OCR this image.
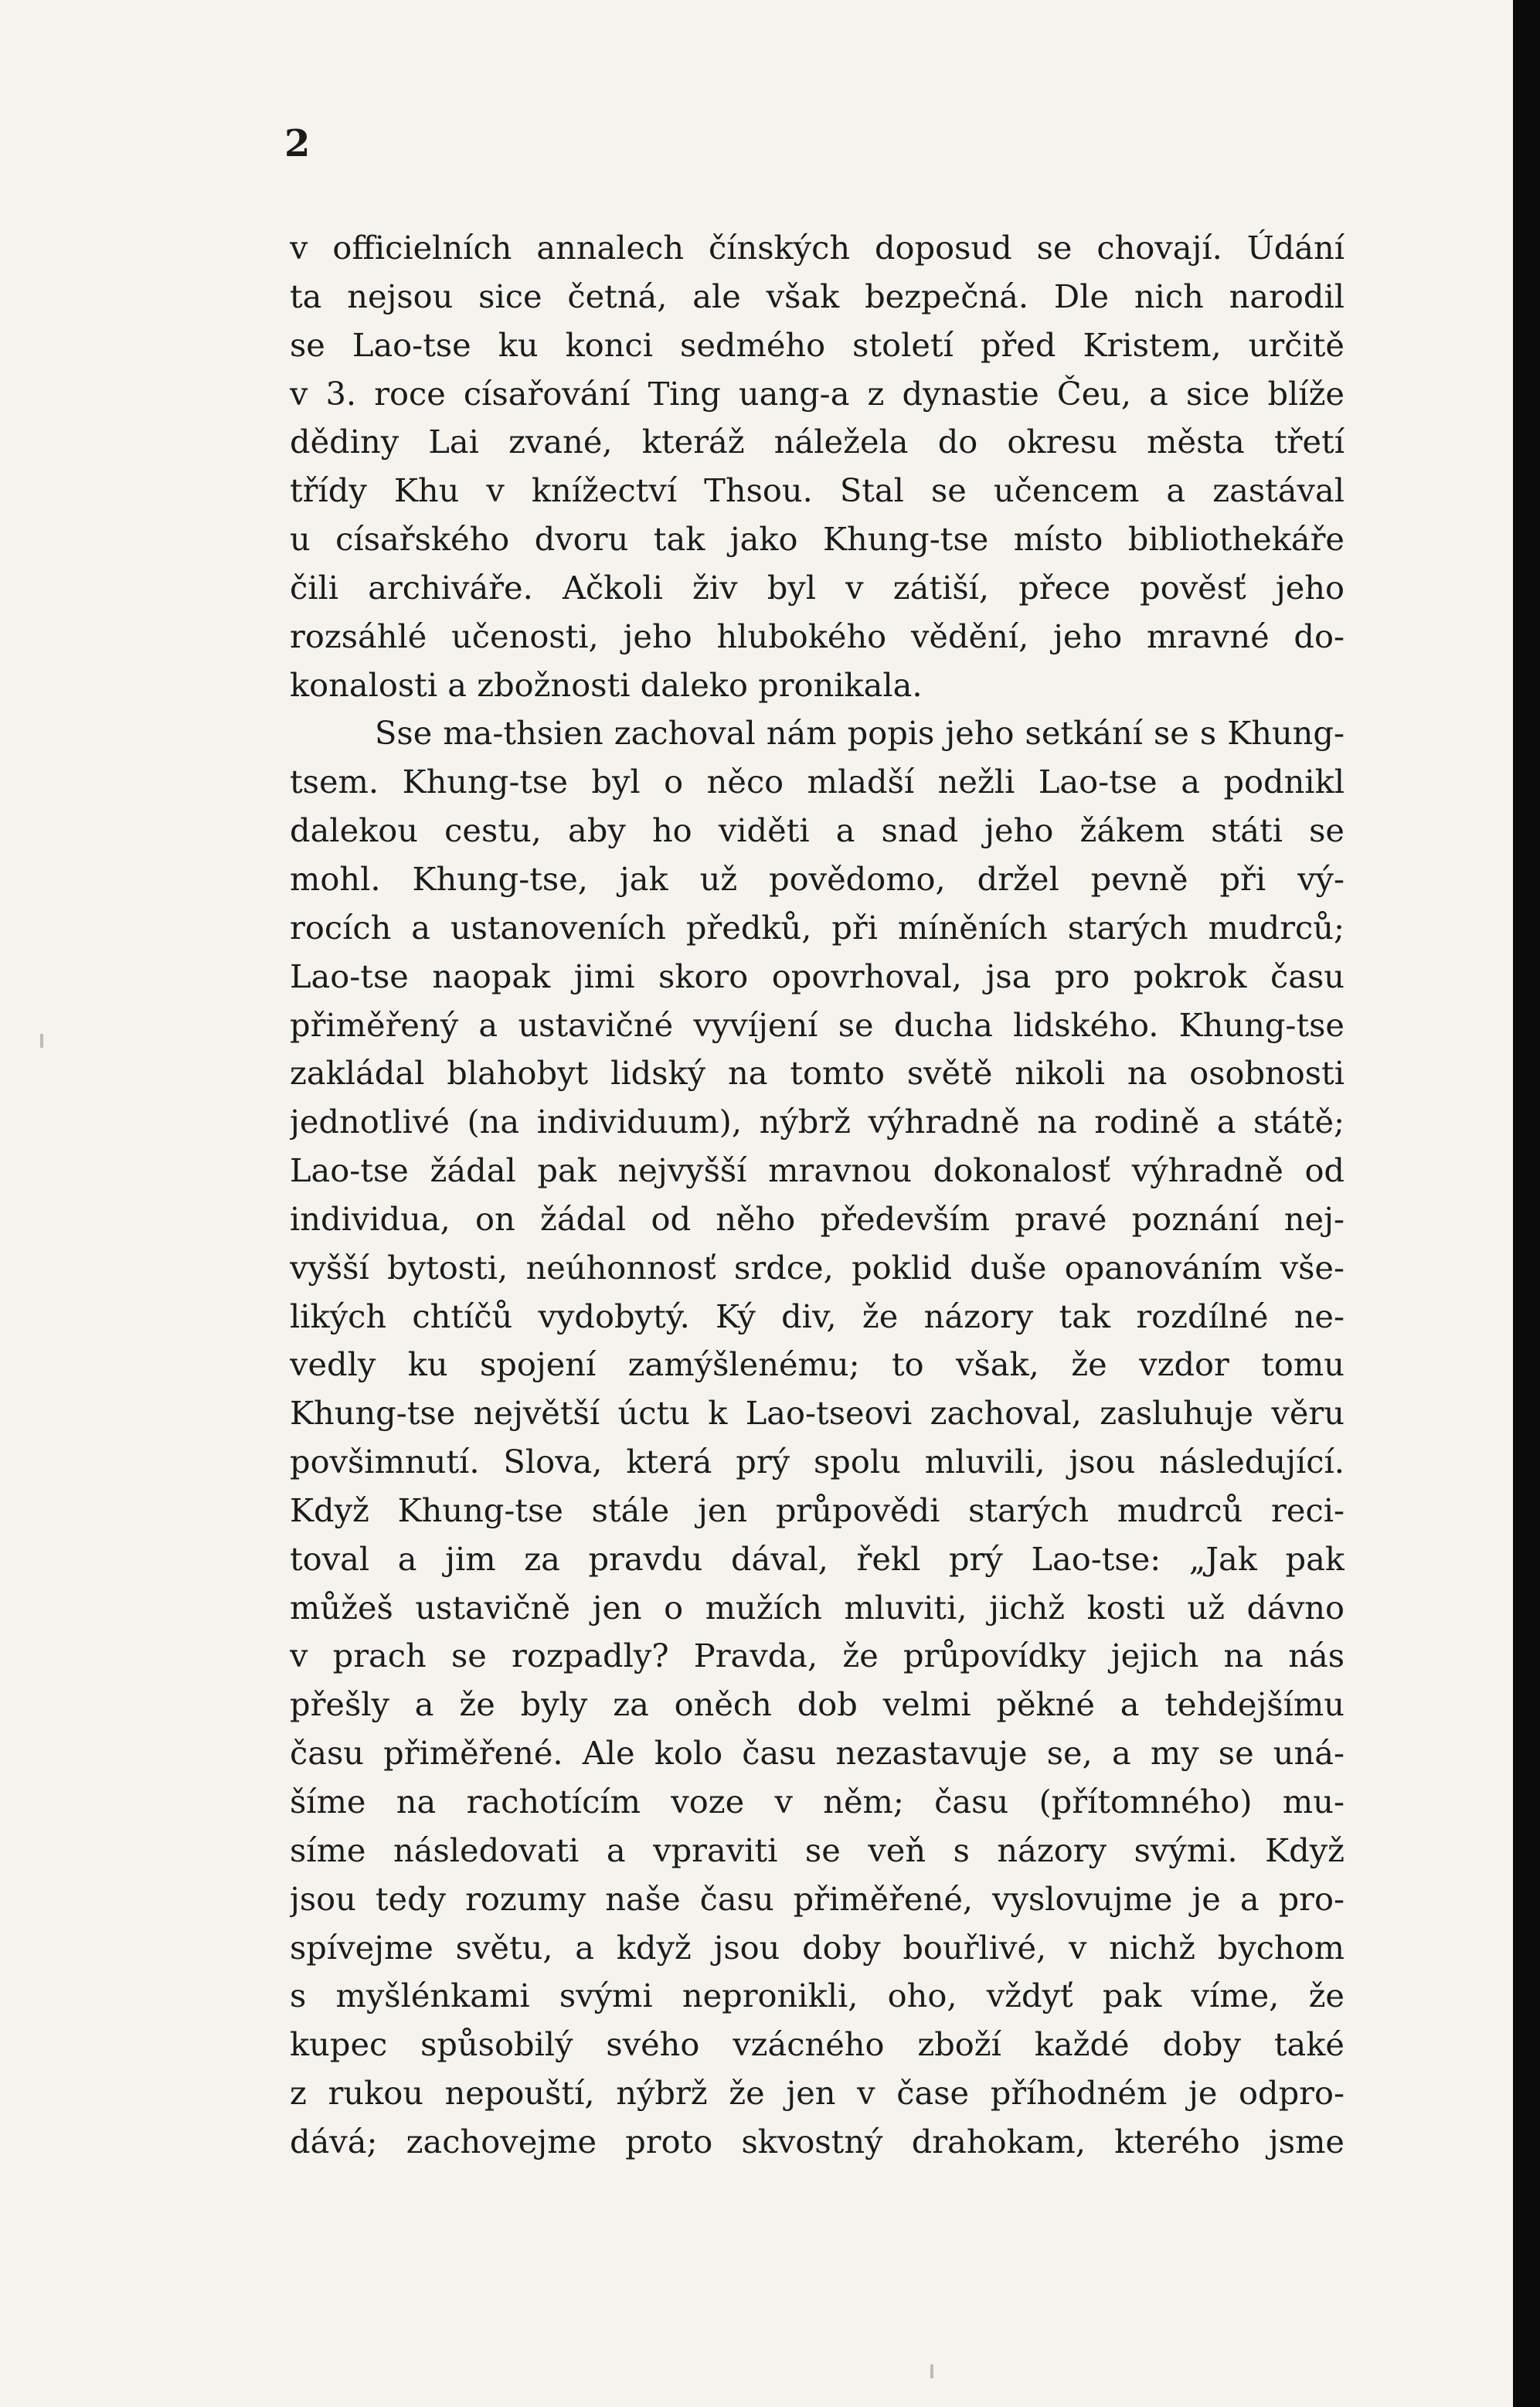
2
v officielních annalech čínských doposud se chovají. Údání
ta nejsou sice četná, ale však bezpečná. Dle nich narodil
se Lao-tse ku konci sedmého století před Kristem, určitě
v 3. roce císařování Ting uang-a z dynastie Čeu, a sice blíže
dědiny Lai zvané, kteráž náležela do okresu města třetí
třídy Khu v knížectví Thsou. Stal se učencem a zastával
u císařského dvoru tak jako Khung-tse místo bibliothekáře
čili archiváře. Ačkoli živ byl v zátiší, přece pověsť jeho
rozsáhlé učenosti, jeho hlubokého vědění, jeho mravné do-
konalosti a zbožnosti daleko pronikala.
Sse ma-thsien zachoval nám popis jeho setkání se s Khung-
tsem. Khung-tse byl o něco mladší nežli Lao-tse a podnikl
dalekou cestu, aby ho viděti a snad jeho žákem státi se
mohl. Khung-tse, jak už povědomo, držel pevně při vý-
rocích a ustanoveních předků, při míněních starých mudrců;
Lao-tse naopak jimi skoro opovrhoval, jsa pro pokrok času
přiměřený a ustavičné vyvíjení se ducha lidského. Khung-tse
zakládal blahobyt lidský na tomto světě nikoli na osobnosti
jednotlivé (na individuum), nýbrž výhradně na rodině a státě;
Lao-tse žádal pak nejvyšší mravnou dokonalosť výhradně od
individua, on žádal od něho především pravé poznání nej-
vyšší bytosti, neúhonnosť srdce, poklid duše opanováním vše-
likých chtíčů vydobytý. Ký div, že názory tak rozdílné ne-
vedly ku spojení zamýšlenému; to však, že vzdor tomu
Khung-tse největší úctu k Lao-tseovi zachoval, zasluhuje věru
povšimnutí. Slova, která prý spolu mluvili, jsou následující.
Když Khung-tse stále jen průpovědi starých mudrců reci-
toval a jim za pravdu dával, řekl prý Lao-tse: „Jak pak
můžeš ustavičně jen o mužích mluviti, jichž kosti už dávno
v prach se rozpadly? Pravda, že průpovídky jejich na nás
přešly a že byly za oněch dob velmi pěkné a tehdejšímu
času přiměřené. Ale kolo času nezastavuje se, a my se uná-
šíme na rachotícím voze v něm; času (přítomného) mu-
síme následovati a vpraviti se veň s názory svými. Když
jsou tedy rozumy naše času přiměřené, vyslovujme je a pro-
spívejme světu, a když jsou doby bouřlivé, v nichž bychom
s myšlénkami svými nepronikli, oho, vždyť pak víme, že
kupec spůsobilý svého vzácného zboží každé doby také
z rukou nepouští, nýbrž že jen v čase příhodném je odpro-
dává; zachovejme proto skvostný drahokam, kterého jsme
